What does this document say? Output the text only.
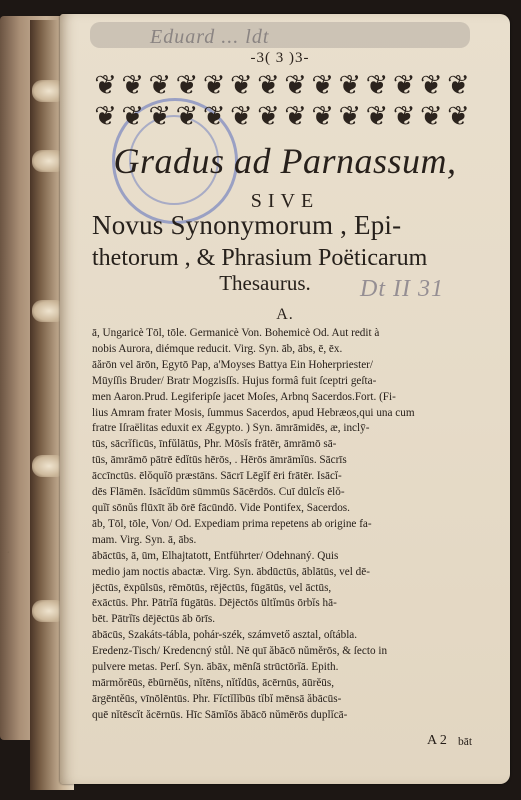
·
Eduard ... ldt
-3( 3 )3-
❦ ❦ ❦ ❦ ❦ ❦ ❦ ❦ ❦ ❦ ❦ ❦ ❦ ❦
❦ ❦ ❦ ❦ ❦ ❦ ❦ ❦ ❦ ❦ ❦ ❦ ❦ ❦
Gradus ad Parnassum,
SIVE
Novus Synonymorum , Epi-
thetorum , & Phrasium Poëticarum
Thesaurus.	Dt II 31
A.
ā, Ungaricè Tōl, tōle. Germanicè Von. Bohemicè Od. Aut redit à
nobis Aurora, diémque reducit. Virg. Syn. āb, ābs, ē, ēx.
āărōn vel ārōn, Egytō Pap, a'Moyses Battya Ein Hoherpriester/
Mūyſſis Bruder/ Bratr Mogzisſſs. Hujus formâ fuit ſceptri geſta-
men Aaron.Prud. Legiferipſe jacet Moſes, Arbnq Sacerdos.Fort. (Fi-
lius Amram frater Mosis, ſummus Sacerdos, apud Hebræos,qui una cum
fratre Iſraëlitas eduxit ex Ægypto. ) Syn. āmrāmidēs, æ, inclȳ-
tūs, sācrĭficūs, īnfŭlātūs, Phr. Mōsĭs frātēr, āmrāmō sā-
tūs, āmrāmō pātrē ēdĭtūs hērōs, . Hērōs āmrāmĭūs. Sācrīs
āccīnctūs. ēlŏquĭō præstāns. Sācrī Lēgĭf ēri frātēr. Isācĭ-
dēs Flāmēn. Isācĭdūm sūmmūs Sācērdōs. Cuī dūlcĭs ēlŏ-
quĭī sōnŭs flūxīt ăb ōrē fācūndō. Vide Pontifex, Sacerdos.
āb, Tōl, tōle, Von/ Od. Expediam prima repetens ab origine fa-
mam. Virg. Syn. ā, ābs.
ābāctūs, ā, ūm, Elhajtatott, Entführter/ Odehnaný. Quis
medio jam noctis abactæ. Virg. Syn. ābdūctūs, āblātūs, vel dē-
jēctūs, ēxpūlsūs, rēmōtūs, rējēctūs, fūgātūs, vel āctūs,
ēxāctūs. Phr. Pātrĭā fūgātūs. Dējēctōs ūltĭmūs ōrbĭs hā-
bēt. Pātrĭīs dējēctūs āb ōrīs.
ābācūs, Szakáts-tábla, pohár-szék, számvető asztal, oſtábla.
Eredenz-Tisch/ Kredencný stůl. Nē quī ăbācō nŭmĕrōs, & ſecto in
pulvere metas. Perſ. Syn. ābāx, mēnſā strūctōrĭā. Epith.
mārmŏrēūs, ēbūrnĕūs, nĭtēns, nĭtĭdūs, ācērnūs, āūrĕūs,
ārgēntĕūs, vīnōlēntūs. Phr. Fĭctĭlĭbūs tĭbĭ mēnsā ăbācūs-
quē nĭtēscĭt ăcērnūs. Hīc Sāmĭōs ăbācō nŭmērōs duplĭcā-
A 2 bāt
